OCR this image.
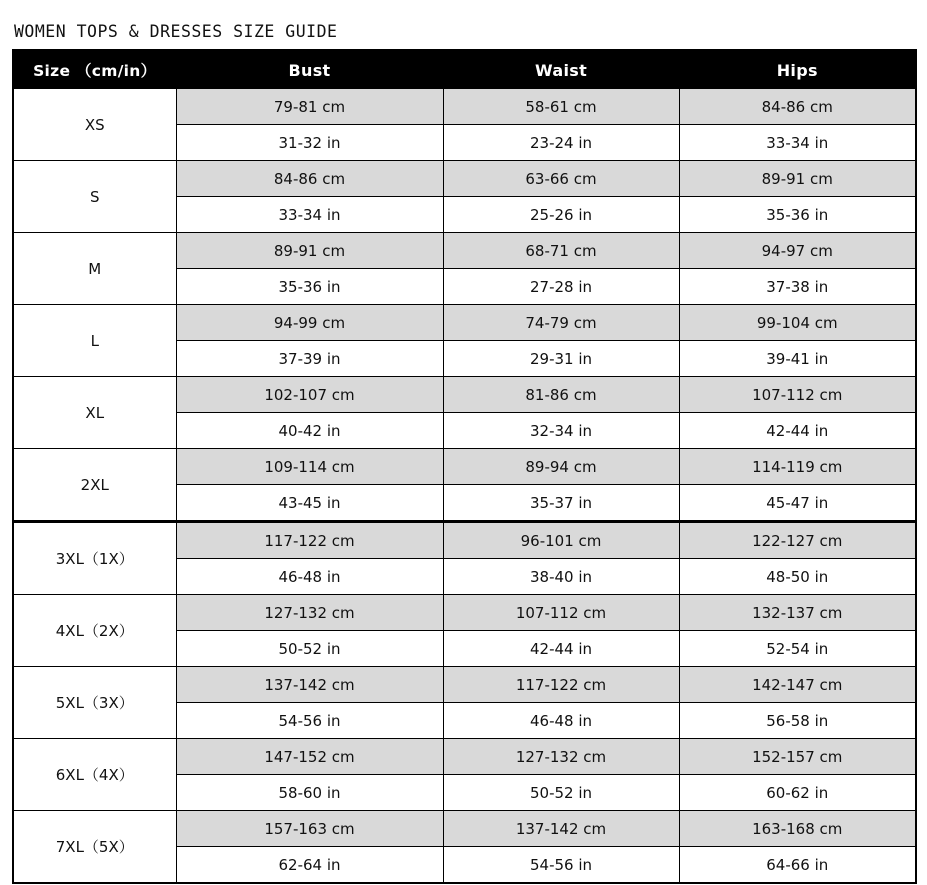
WOMEN TOPS & DRESSES SIZE GUIDE
Size （cm/in）	Bust	Waist	Hips
XS	79-81 cm	58-61 cm	84-86 cm
	31-32 in	23-24 in	33-34 in
S	84-86 cm	63-66 cm	89-91 cm
	33-34 in	25-26 in	35-36 in
M	89-91 cm	68-71 cm	94-97 cm
	35-36 in	27-28 in	37-38 in
L	94-99 cm	74-79 cm	99-104 cm
	37-39 in	29-31 in	39-41 in
XL	102-107 cm	81-86 cm	107-112 cm
	40-42 in	32-34 in	42-44 in
2XL	109-114 cm	89-94 cm	114-119 cm
	43-45 in	35-37 in	45-47 in
3XL（1X）	117-122 cm	96-101 cm	122-127 cm
	46-48 in	38-40 in	48-50 in
4XL（2X）	127-132 cm	107-112 cm	132-137 cm
	50-52 in	42-44 in	52-54 in
5XL（3X）	137-142 cm	117-122 cm	142-147 cm
	54-56 in	46-48 in	56-58 in
6XL（4X）	147-152 cm	127-132 cm	152-157 cm
	58-60 in	50-52 in	60-62 in
7XL（5X）	157-163 cm	137-142 cm	163-168 cm
	62-64 in	54-56 in	64-66 in
